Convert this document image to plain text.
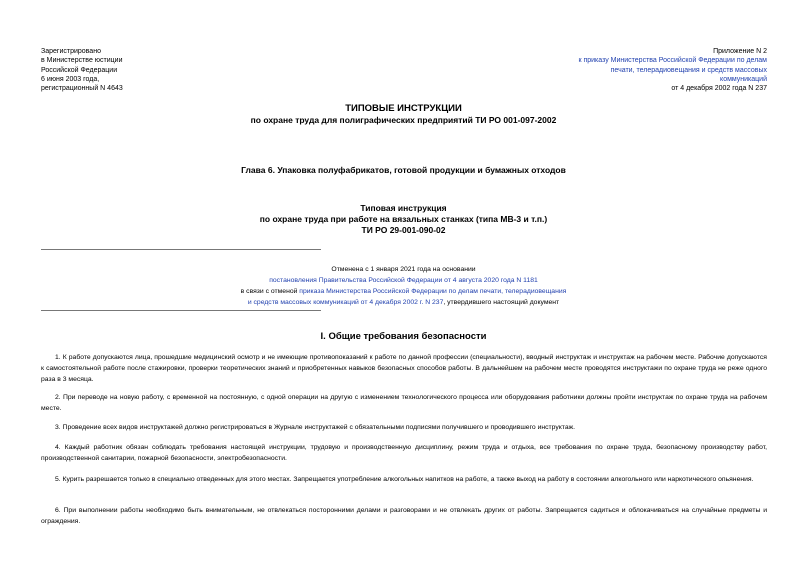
Зарегистрировано
в Министерстве юстиции
Российской Федерации
6 июня 2003 года,
регистрационный N 4643
Приложение N 2
к приказу Министерства Российской Федерации по делам печати, телерадиовещания и средств массовых коммуникаций
от 4 декабря 2002 года N 237
ТИПОВЫЕ ИНСТРУКЦИИ
по охране труда для полиграфических предприятий ТИ РО 001-097-2002
Глава 6. Упаковка полуфабрикатов, готовой продукции и бумажных отходов
Типовая инструкция
по охране труда при работе на вязальных станках (типа МВ-3 и т.п.)
ТИ РО 29-001-090-02
Отменена с 1 января 2021 года на основании
постановления Правительства Российской Федерации от 4 августа 2020 года N 1181
в связи с отменой приказа Министерства Российской Федерации по делам печати, телерадиовещания
и средств массовых коммуникаций от 4 декабря 2002 г. N 237, утвердившего настоящий документ
I. Общие требования безопасности
1. К работе допускаются лица, прошедшие медицинский осмотр и не имеющие противопоказаний к работе по данной профессии (специальности), вводный инструктаж и инструктаж на рабочем месте. Рабочие допускаются к самостоятельной работе после стажировки, проверки теоретических знаний и приобретенных навыков безопасных способов работы. В дальнейшем на рабочем месте проводятся инструктажи по охране труда не реже одного раза в 3 месяца.
2. При переводе на новую работу, с временной на постоянную, с одной операции на другую с изменением технологического процесса или оборудования работники должны пройти инструктаж по охране труда на рабочем месте.
3. Проведение всех видов инструктажей должно регистрироваться в Журнале инструктажей с обязательными подписями получившего и проводившего инструктаж.
4. Каждый работник обязан соблюдать требования настоящей инструкции, трудовую и производственную дисциплину, режим труда и отдыха, все требования по охране труда, безопасному производству работ, производственной санитарии, пожарной безопасности, электробезопасности.
5. Курить разрешается только в специально отведенных для этого местах. Запрещается употребление алкогольных напитков на работе, а также выход на работу в состоянии алкогольного или наркотического опьянения.
6. При выполнении работы необходимо быть внимательным, не отвлекаться посторонними делами и разговорами и не отвлекать других от работы. Запрещается садиться и облокачиваться на случайные предметы и ограждения.
